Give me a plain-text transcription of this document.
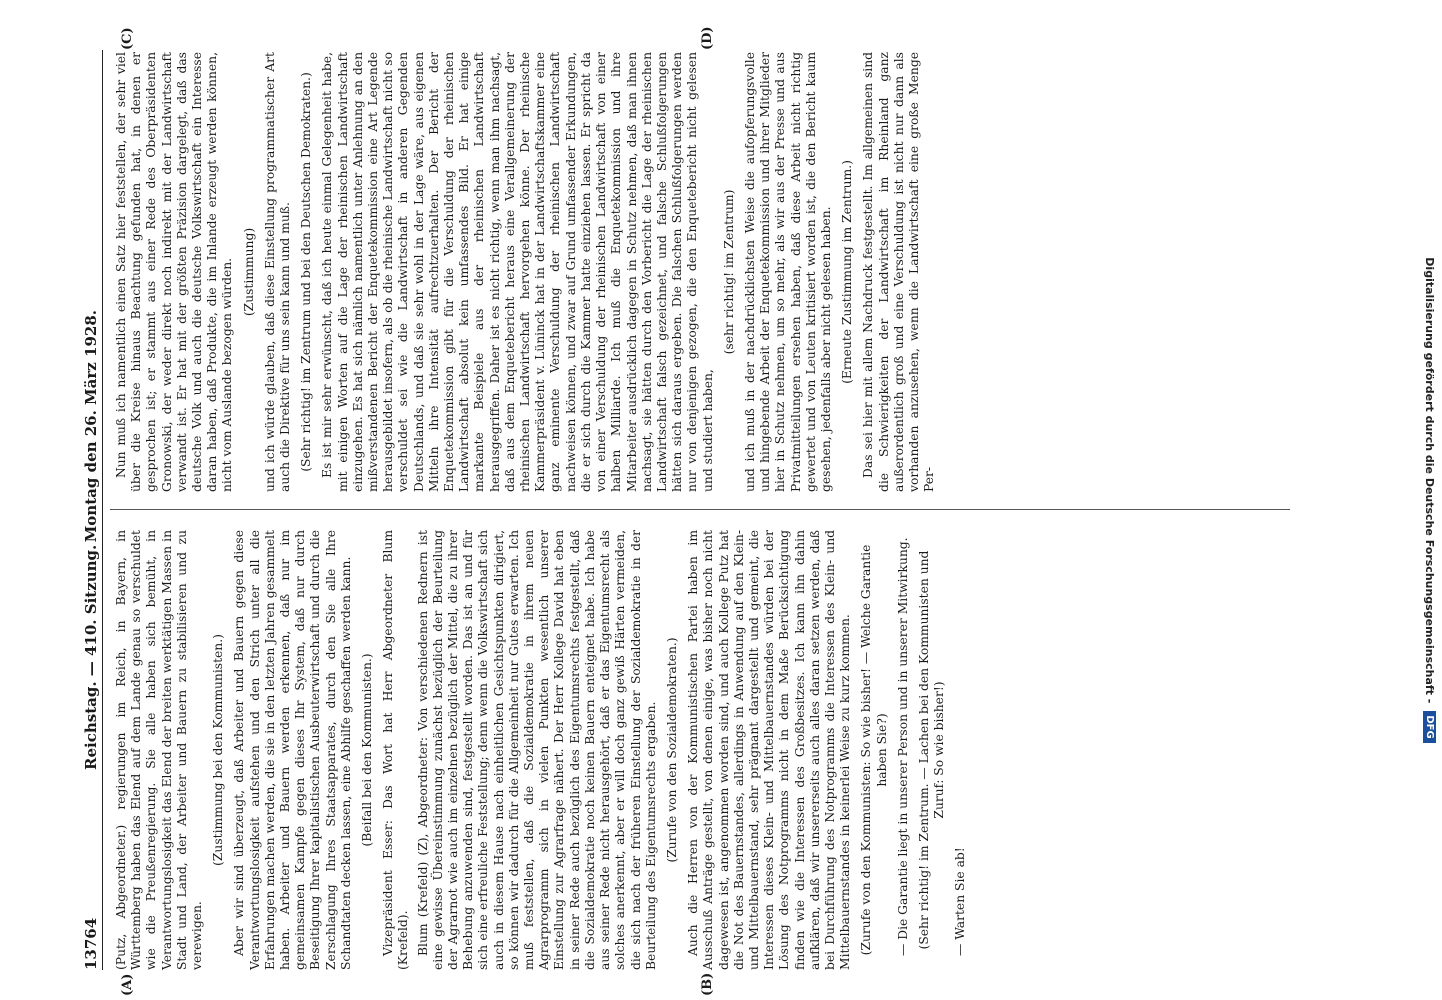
Digitalisierung gefördert durch die Deutsche Forschungsgemeinschaft -
DFG
13764
Reichstag. — 410. Sitzung.
Montag den 26. März 1928.

(Putz, Abgeordneter.) regierungen im Reich, in Bayern, in Württemberg haben das Elend auf dem Lande genau so verschuldet wie die Preußenregierung. Sie alle haben sich bemüht, in Verantwortungslosigkeit das Elend der breiten werktätigen Massen in Stadt und Land, der Arbeiter und Bauern zu stabilisieren und zu verewigen.

(Zustimmung bei den Kommunisten.) Aber wir sind überzeugt, daß Arbeiter und Bauern gegen diese Verantwortungslosigkeit aufstehen und den Strich unter all die Erfahrungen machen werden, die sie in den letzten Jahren gesammelt haben. Arbeiter und Bauern werden erkennen, daß nur im gemeinsamen Kampfe gegen dieses Ihr System, daß nur durch Beseitigung Ihrer kapitalistischen Ausbeuterwirtschaft und durch die Zerschlagung Ihres Staatsapparates, durch den Sie alle Ihre Schandtaten decken lassen, eine Abhilfe geschaffen werden kann. (Beifall bei den Kommunisten.) Vizepräsident Esser: Das Wort hat Herr Abgeordneter Blum (Krefeld). Blum (Krefeld) (Z), Abgeordneter: Von verschiedenen Rednern ist eine gewisse Übereinstimmung zunächst bezüglich der Beurteilung der Agrarnot wie auch im einzelnen bezüglich der Mittel, die zu ihrer Behebung anzuwenden sind, festgestellt worden. Das ist an und für sich eine erfreuliche Feststellung; denn wenn die Volkswirtschaft sich auch in diesem Hause nach einheitlichen Gesichtspunkten dirigiert, so können wir dadurch für die Allgemeinheit nur Gutes erwarten. Ich muß feststellen, daß die Sozialdemokratie in ihrem neuen Agrarprogramm sich in vielen Punkten wesentlich unserer Einstellung zur Agrarfrage nähert. Der Herr Kollege David hat eben in seiner Rede auch bezüglich des Eigentumsrechts festgestellt, daß die Sozialdemokratie noch keinen Bauern enteignet habe. Ich habe aus seiner Rede nicht herausgehört, daß er das Eigentumsrecht als solches anerkennt, aber er will doch ganz gewiß Härten vermeiden, die sich nach der früheren Einstellung der Sozialdemokratie in der Beurteilung des Eigentumsrechts ergaben. (Zurufe von den Sozialdemokraten.) Auch die Herren von der Kommunistischen Partei haben im Ausschuß Anträge gestellt, von denen einige, was bisher noch nicht dagewesen ist, angenommen worden sind, und auch Kollege Putz hat die Not des Bauernstandes, allerdings in Anwendung auf den Klein- und Mittelbauernstand, sehr prägnant dargestellt und gemeint, die Interessen dieses Klein- und Mittelbauernstandes würden bei der Lösung des Notprogramms nicht in dem Maße Berücksichtigung finden wie die Interessen des Großbesitzes. Ich kann ihn dahin aufklären, daß wir unsererseits auch alles daran setzen werden, daß bei Durchführung des Notprogramms die Interessen des Klein- und Mittelbauernstandes in keinerlei Weise zu kurz kommen. (Zurufe von den Kommunisten: So wie bisher! — Welche Garantie haben Sie?) — Die Garantie liegt in unserer Person und in unserer Mitwirkung. (Sehr richtig! im Zentrum. — Lachen bei den Kommunisten und Zuruf: So wie bisher!)

— Warten Sie ab!

Nun muß ich namentlich einen Satz hier feststellen, der sehr viel über die Kreise hinaus Beachtung gefunden hat, in denen er gesprochen ist; er stammt aus einer Rede des Oberpräsidenten Gronowski, der weder direkt noch indirekt mit der Landwirtschaft verwandt ist. Er hat mit der größten Präzision dargelegt, daß das deutsche Volk und auch die deutsche Volkswirtschaft ein Interesse daran haben, daß Produkte, die im Inlande erzeugt werden können, nicht vom Auslande bezogen würden. (Zustimmung) und ich würde glauben, daß diese Einstellung programmatischer Art auch die Direktive für uns sein kann und muß. (Sehr richtig! im Zentrum und bei den Deutschen Demokraten.) Es ist mir sehr erwünscht, daß ich heute einmal Gelegenheit habe, mit einigen Worten auf die Lage der rheinischen Landwirtschaft einzugehen. Es hat sich nämlich namentlich unter Anlehnung an den mißverstandenen Bericht der Enquetekommission eine Art Legende herausgebildet insofern, als ob die rheinische Landwirtschaft nicht so verschuldet sei wie die Landwirtschaft in anderen Gegenden Deutschlands, und daß sie sehr wohl in der Lage wäre, aus eigenen Mitteln ihre Intensität aufrechtzuerhalten. Der Bericht der Enquetekommission gibt für die Verschuldung der rheinischen Landwirtschaft absolut kein umfassendes Bild. Er hat einige markante Beispiele aus der rheinischen Landwirtschaft herausgegriffen. Daher ist es nicht richtig, wenn man ihm nachsagt, daß aus dem Enquetebericht heraus eine Verallgemeinerung der rheinischen Landwirtschaft hervorgehen könne. Der rheinische Kammerpräsident v. Lüninck hat in der Landwirtschaftskammer eine ganz eminente Verschuldung der rheinischen Landwirtschaft nachweisen können, und zwar auf Grund umfassender Erkundungen, die er sich durch die Kammer hatte einziehen lassen. Er spricht da von einer Verschuldung der rheinischen Landwirtschaft von einer halben Milliarde. Ich muß die Enquetekommission und ihre Mitarbeiter ausdrücklich dagegen in Schutz nehmen, daß man ihnen nachsagt, sie hätten durch den Vorbericht die Lage der rheinischen Landwirtschaft falsch gezeichnet, und falsche Schlußfolgerungen hätten sich daraus ergeben. Die falschen Schlußfolgerungen werden nur von denjenigen gezogen, die den Enquetebericht nicht gelesen und studiert haben,

(sehr richtig! im Zentrum) und ich muß in der nachdrücklichsten Weise die aufopferungsvolle und hingebende Arbeit der Enquetekommission und ihrer Mitglieder hier in Schutz nehmen, um so mehr, als wir aus der Presse und aus Privatmitteilungen ersehen haben, daß diese Arbeit nicht richtig gewertet und von Leuten kritisiert worden ist, die den Bericht kaum gesehen, jedenfalls aber nicht gelesen haben. (Erneute Zustimmung im Zentrum.) Das sei hier mit allem Nachdruck festgestellt. Im allgemeinen sind die Schwierigkeiten der Landwirtschaft im Rheinland ganz außerordentlich groß und eine Verschuldung ist nicht nur dann als vorhanden anzusehen, wenn die Landwirtschaft eine große Menge Per-

(A)	(B)
(C)	(D)
